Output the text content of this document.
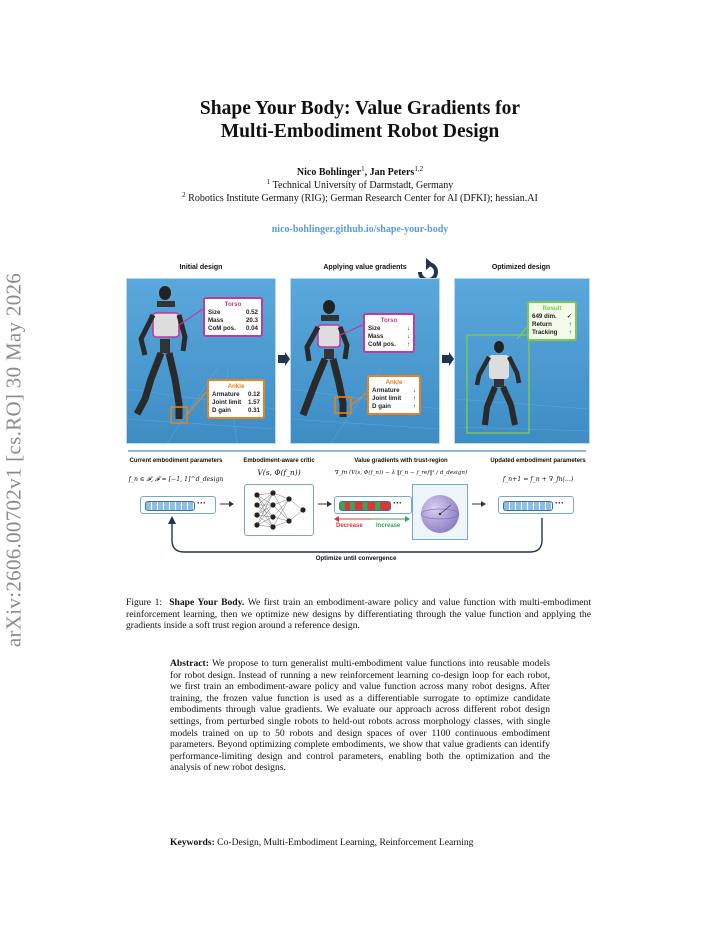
arXiv:2606.00702v1 [cs.RO] 30 May 2026
Shape Your Body: Value Gradients for
Multi-Embodiment Robot Design
Nico Bohlinger$^1$, Jan Peters$^{1,2}$
$^1$ Technical University of Darmstadt, Germany
$^2$ Robotics Institute Germany (RIG); German Research Center for AI (DFKI); hessian.AI
nico-bohlinger.github.io/shape-your-body
Initial design	Applying value gradients	Optimized design
Torso
Size	0.52
Mass	20.3
CoM pos. 0.04
Ankle
Armature 0.12
Joint limit 1.57
D gain	0.31
Torso
Size	↓
Mass	↓
CoM pos. ↑
Ankle
Armature ↓
Joint limit ↑
D gain	↑
Result
649 dim. ✓
Return	↑
Tracking ↑
Current embodiment parameters
f_n ∈ 𝓕, 𝓕 = [−1, 1]^d_design
Embodiment-aware critic
V(s, Φ(f_n))
Value gradients with trust-region
∇_fn (V(s, Φ(f_n)) − λ ‖f_n − f_ref‖² / d_design)
Updated embodiment parameters
f_n+1 = f_n + ∇_fn(...)
···	···
Decrease Increase
···
Optimize until convergence
Figure 1: Shape Your Body. We first train an embodiment-aware policy and value function with multi-embodiment reinforcement learning, then we optimize new designs by differentiating through the value function and applying the gradients inside a soft trust region around a reference design.
Abstract: We propose to turn generalist multi-embodiment value functions into reusable models for robot design. Instead of running a new reinforcement learning co-design loop for each robot, we first train an embodiment-aware policy and value function across many robot designs. After training, the frozen value function is used as a differentiable surrogate to optimize candidate embodiments through value gradients. We evaluate our approach across different robot design settings, from perturbed single robots to held-out robots across morphology classes, with single models trained on up to 50 robots and design spaces of over 1100 continuous embodiment parameters. Beyond optimizing complete embodiments, we show that value gradients can identify performance-limiting design and control parameters, enabling both the optimization and the analysis of new robot designs.
Keywords: Co-Design, Multi-Embodiment Learning, Reinforcement Learning
